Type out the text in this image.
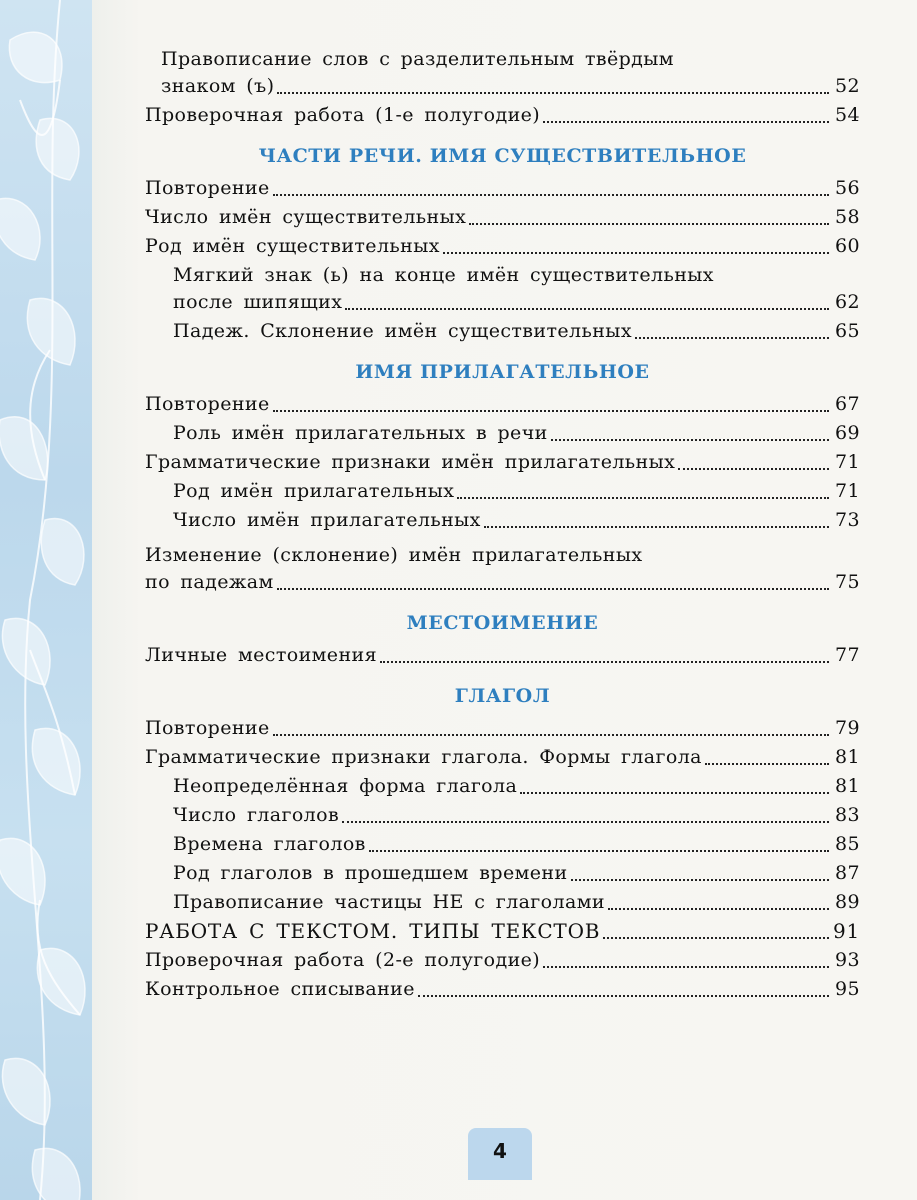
Правописание слов с разделительным твёрдым
знаком (ъ)	52
Проверочная работа (1-е полугодие)	54
ЧАСТИ РЕЧИ. ИМЯ СУЩЕСТВИТЕЛЬНОЕ
Повторение	56
Число имён существительных	58
Род имён существительных	60
Мягкий знак (ь) на конце имён существительных
после шипящих	62
Падеж. Склонение имён существительных	65
ИМЯ ПРИЛАГАТЕЛЬНОЕ
Повторение	67
Роль имён прилагательных в речи	69
Грамматические признаки имён прилагательных	71
Род имён прилагательных	71
Число имён прилагательных	73
Изменение (склонение) имён прилагательных
по падежам	75
МЕСТОИМЕНИЕ
Личные местоимения	77
ГЛАГОЛ
Повторение	79
Грамматические признаки глагола. Формы глагола	81
Неопределённая форма глагола	81
Число глаголов	83
Времена глаголов	85
Род глаголов в прошедшем времени	87
Правописание частицы НЕ с глаголами	89
РАБОТА С ТЕКСТОМ. ТИПЫ ТЕКСТОВ	91
Проверочная работа (2-е полугодие)	93
Контрольное списывание	95
4
